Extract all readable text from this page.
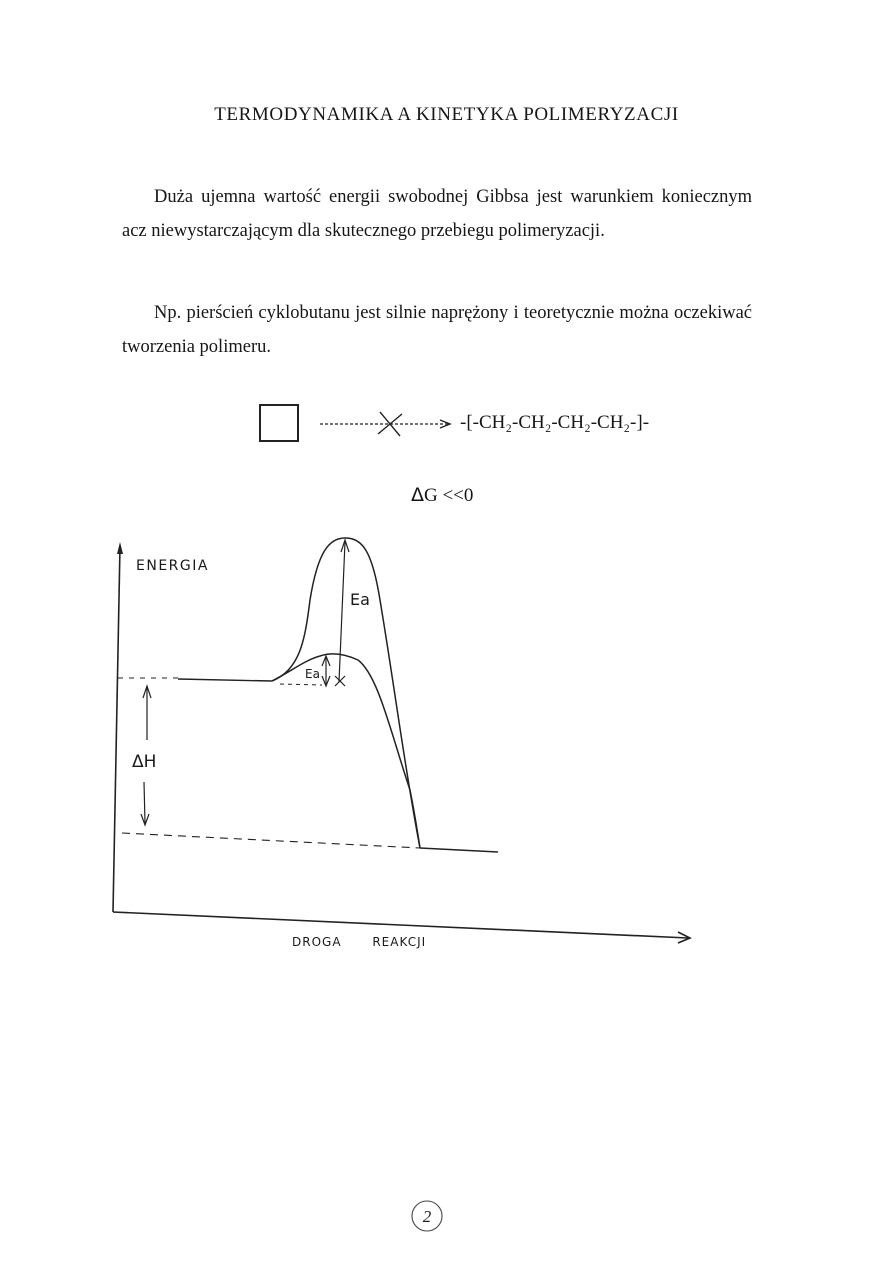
TERMODYNAMIKA A KINETYKA POLIMERYZACJI
Duża ujemna wartość energii swobodnej Gibbsa jest warunkiem koniecznym acz niewystarczającym dla skutecznego przebiegu polimeryzacji.
Np. pierścień cyklobutanu jest silnie naprężony i teoretycznie można oczekiwać tworzenia polimeru.
-[-CH₂-CH₂-CH₂-CH₂-]-
ΔG <<0
ENERGIA
DROGA REAKCJI
ΔH
Ea
Ea
2
